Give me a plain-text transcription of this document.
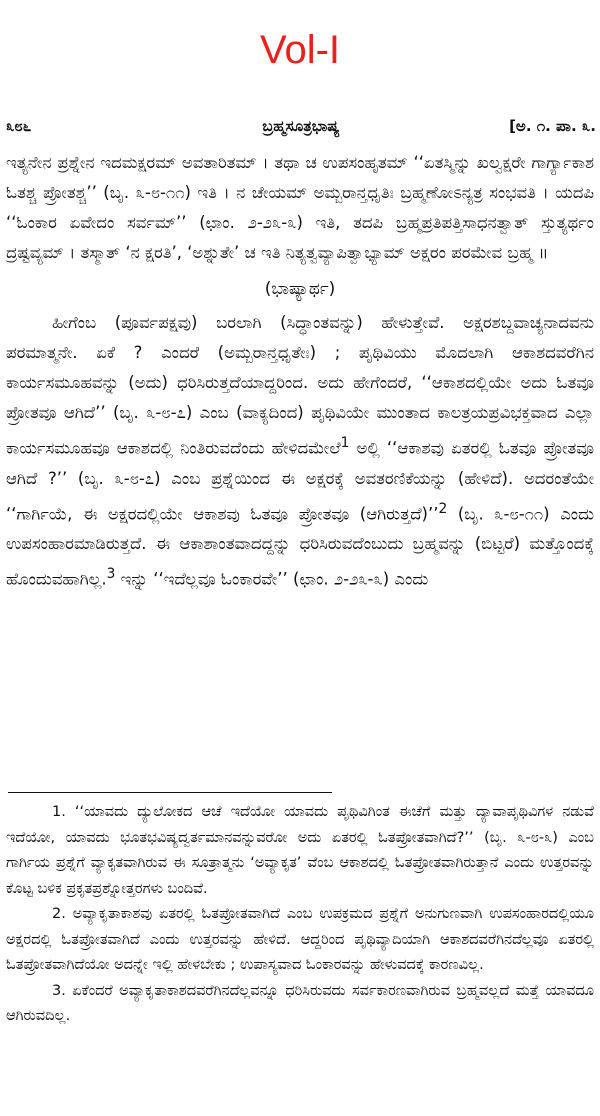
Vol-I
೩೮೬	ಬ್ರಹ್ಮಸೂತ್ರಭಾಷ್ಯ	[ಅ. ೧. ಪಾ. ೩.

ಇತ್ಯನೇನ ಪ್ರಶ್ನೇನ ಇದಮಕ್ಷರಮ್ ಅವತಾರಿತಮ್ । ತಥಾ ಚ ಉಪಸಂಹೃತಮ್ ‘‘ಏತಸ್ಮಿನ್ನು ಖಲ್ವಕ್ಷರೇ ಗಾರ್ಗ್ಯಾಕಾಶ ಓತಶ್ಚ ಪ್ರೋತಶ್ಚ’’ (ಬೃ. ೩-೮-೧೧) ಇತಿ । ನ ಚೇಯಮ್ ಅಮ್ಬರಾನ್ತಧೃತಿಃ ಬ್ರಹ್ಮಣೋಽನ್ಯತ್ರ ಸಂಭವತಿ । ಯದಪಿ ‘‘ಓಂಕಾರ ಏವೇದಂ ಸರ್ವಮ್’’ (ಛಾಂ. ೨-೨೩-೩) ಇತಿ, ತದಪಿ ಬ್ರಹ್ಮಪ್ರತಿಪತ್ತಿಸಾಧನತ್ವಾತ್ ಸ್ತುತ್ಯರ್ಥಂ ದ್ರಷ್ಟವ್ಯಮ್ । ತಸ್ಮಾತ್ ‘ನ ಕ್ಷರತಿ’, ‘ಅಶ್ನುತೇ’ ಚ ಇತಿ ನಿತ್ಯತ್ವವ್ಯಾಪಿತ್ವಾಭ್ಯಾಮ್ ಅಕ್ಷರಂ ಪರಮೇವ ಬ್ರಹ್ಮ ॥

(ಭಾಷ್ಯಾರ್ಥ)

ಹೀಗೆಂಬ (ಪೂರ್ವಪಕ್ಷವು) ಬರಲಾಗಿ (ಸಿದ್ಧಾಂತವನ್ನು) ಹೇಳುತ್ತೇವೆ. ಅಕ್ಷರಶಬ್ದವಾಚ್ಯನಾದವನು ಪರಮಾತ್ಮನೇ. ಏಕೆ ? ಎಂದರೆ (ಅಮ್ಬರಾನ್ತಧೃತೇಃ) ; ಪೃಥಿವಿಯು ಮೊದಲಾಗಿ ಆಕಾಶದವರೆಗಿನ ಕಾರ್ಯಸಮೂಹವನ್ನು (ಅದು) ಧರಿಸಿರುತ್ತದೆಯಾದ್ದರಿಂದ. ಅದು ಹೇಗೆಂದರೆ, ‘‘ಆಕಾಶದಲ್ಲಿಯೇ ಅದು ಓತವೂ ಪ್ರೋತವೂ ಆಗಿದೆ’’ (ಬೃ. ೩-೮-೭) ಎಂಬ (ವಾಕ್ಯದಿಂದ) ಪೃಥಿವಿಯೇ ಮುಂತಾದ ಕಾಲತ್ರಯಪ್ರವಿಭಕ್ತವಾದ ಎಲ್ಲಾ ಕಾರ್ಯಸಮೂಹವೂ ಆಕಾಶದಲ್ಲಿ ನಿಂತಿರುವದೆಂದು ಹೇಳಿದಮೇಲೆ$^1$ ಅಲ್ಲಿ ‘‘ಆಕಾಶವು ಏತರಲ್ಲಿ ಓತವೂ ಪ್ರೋತವೂ ಆಗಿದೆ ?’’ (ಬೃ. ೩-೮-೭) ಎಂಬ ಪ್ರಶ್ನೆಯಿಂದ ಈ ಅಕ್ಷರಕ್ಕೆ ಅವತರಣಿಕೆಯನ್ನು (ಹೇಳಿದೆ). ಅದರಂತೆಯೇ ‘‘ಗಾರ್ಗಿಯೆ, ಈ ಅಕ್ಷರದಲ್ಲಿಯೇ ಆಕಾಶವು ಓತವೂ ಪ್ರೋತವೂ (ಆಗಿರುತ್ತದೆ)’’$^2$ (ಬೃ. ೩-೮-೧೧) ಎಂದು ಉಪಸಂಹಾರಮಾಡಿರುತ್ತದೆ. ಈ ಆಕಾಶಾಂತವಾದದ್ದನ್ನು ಧರಿಸಿರುವದೆಂಬುದು ಬ್ರಹ್ಮವನ್ನು (ಬಿಟ್ಟರೆ) ಮತ್ತೊಂದಕ್ಕೆ ಹೊಂದುವಹಾಗಿಲ್ಲ.$^3$ ಇನ್ನು ‘‘ಇದೆಲ್ಲವೂ ಓಂಕಾರವೇ’’ (ಛಾಂ. ೨-೨೩-೩) ಎಂದು

1. ‘‘ಯಾವದು ದ್ಯುಲೋಕದ ಆಚೆ ಇದೆಯೋ ಯಾವದು ಪೃಥಿವಿಗಿಂತ ಈಚೆಗೆ ಮತ್ತು ದ್ಯಾವಾಪೃಥಿವಿಗಳ ನಡುವೆ ಇದೆಯೋ, ಯಾವದು ಭೂತಭವಿಷ್ಯದ್ವರ್ತಮಾನವನ್ನುವರೋ ಅದು ಏತರಲ್ಲಿ ಓತಪ್ರೋತವಾಗಿದೆ?’’ (ಬೃ. ೩-೮-೩) ಎಂಬ ಗಾರ್ಗಿಯ ಪ್ರಶ್ನೆಗೆ ವ್ಯಾಕೃತವಾಗಿರುವ ಈ ಸೂತ್ರಾತ್ಮನು ‘ಅವ್ಯಾಕೃತ’ ವೆಂಬ ಆಕಾಶದಲ್ಲಿ ಓತಪ್ರೋತವಾಗಿರುತ್ತಾನೆ ಎಂದು ಉತ್ತರವನ್ನು ಕೊಟ್ಟ ಬಳಿಕ ಪ್ರಕೃತಪ್ರಶ್ನೋತ್ತರಗಳು ಬಂದಿವೆ.

2. ಅವ್ಯಾಕೃತಾಕಾಶವು ಏತರಲ್ಲಿ ಓತಪ್ರೋತವಾಗಿದೆ ಎಂಬ ಉಪಕ್ರಮದ ಪ್ರಶ್ನೆಗೆ ಅನುಗುಣವಾಗಿ ಉಪಸಂಹಾರದಲ್ಲಿಯೂ ಅಕ್ಷರದಲ್ಲಿ ಓತಪ್ರೋತವಾಗಿದೆ ಎಂದು ಉತ್ತರವನ್ನು ಹೇಳಿದೆ. ಆದ್ದರಿಂದ ಪೃಥಿವ್ಯಾದಿಯಾಗಿ ಆಕಾಶದವರೆಗಿನದೆಲ್ಲವೂ ಏತರಲ್ಲಿ ಓತಪ್ರೋತವಾಗಿದೆಯೋ ಅದನ್ನೇ ಇಲ್ಲಿ ಹೇಳಬೇಕು ; ಉಪಾಸ್ಯವಾದ ಓಂಕಾರವನ್ನು ಹೇಳುವದಕ್ಕೆ ಕಾರಣವಿಲ್ಲ.

3. ಏಕೆಂದರೆ ಅವ್ಯಾಕೃತಾಕಾಶದವರೆಗಿನದೆಲ್ಲವನ್ನೂ ಧರಿಸಿರುವದು ಸರ್ವಕಾರಣವಾಗಿರುವ ಬ್ರಹ್ಮವಲ್ಲದೆ ಮತ್ತೆ ಯಾವದೂ ಆಗಿರುವದಿಲ್ಲ.
